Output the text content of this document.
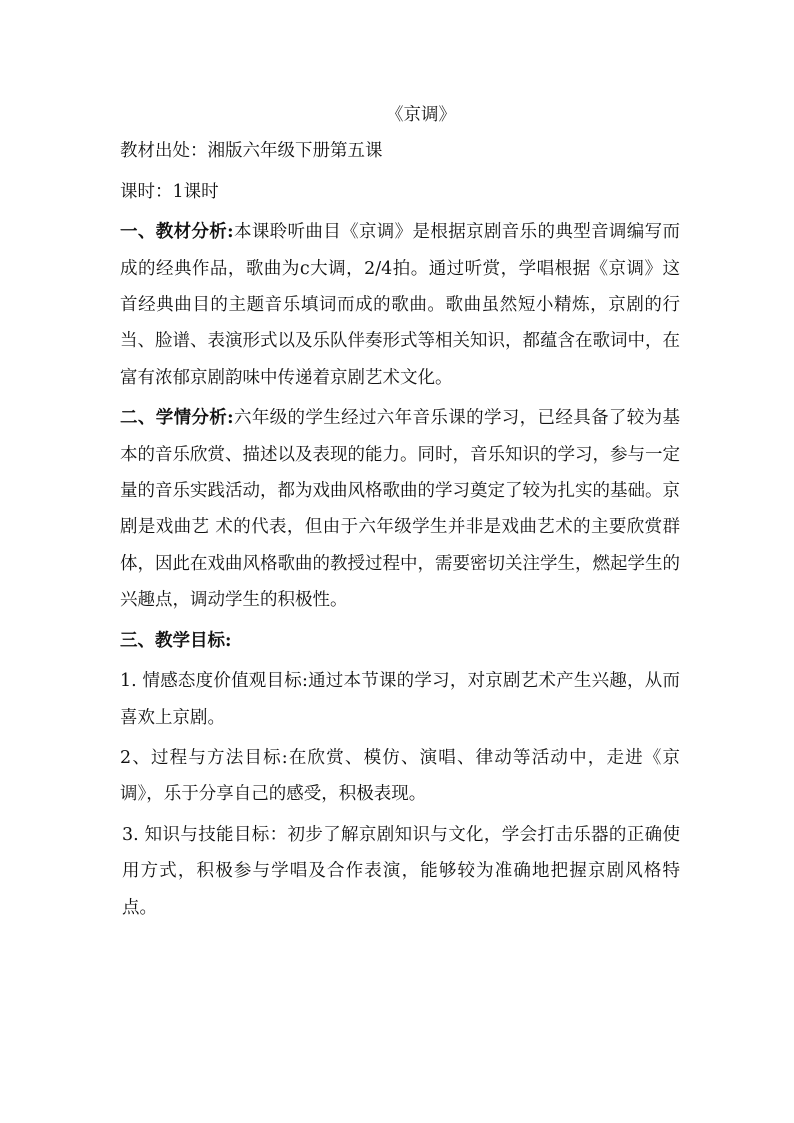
《京调》

教材出处：湘版六年级下册第五课

课时：1课时

一、教材分析:本课聆听曲目《京调》是根据京剧音乐的典型音调编写而成的经典作品，歌曲为c大调，2/4拍。通过听赏，学唱根据《京调》这首经典曲目的主题音乐填词而成的歌曲。歌曲虽然短小精炼，京剧的行当、脸谱、表演形式以及乐队伴奏形式等相关知识，都蕴含在歌词中，在富有浓郁京剧韵味中传递着京剧艺术文化。

二、学情分析:六年级的学生经过六年音乐课的学习，已经具备了较为基本的音乐欣赏、描述以及表现的能力。同时，音乐知识的学习，参与一定量的音乐实践活动，都为戏曲风格歌曲的学习奠定了较为扎实的基础。京剧是戏曲艺 术的代表，但由于六年级学生并非是戏曲艺术的主要欣赏群体，因此在戏曲风格歌曲的教授过程中，需要密切关注学生，燃起学生的兴趣点，调动学生的积极性。

三、教学目标:

1. 情感态度价值观目标:通过本节课的学习，对京剧艺术产生兴趣，从而喜欢上京剧。

2、过程与方法目标:在欣赏、模仿、演唱、律动等活动中，走进《京调》，乐于分享自己的感受，积极表现。

3. 知识与技能目标：初步了解京剧知识与文化，学会打击乐器的正确使用方式，积极参与学唱及合作表演，能够较为准确地把握京剧风格特点。
